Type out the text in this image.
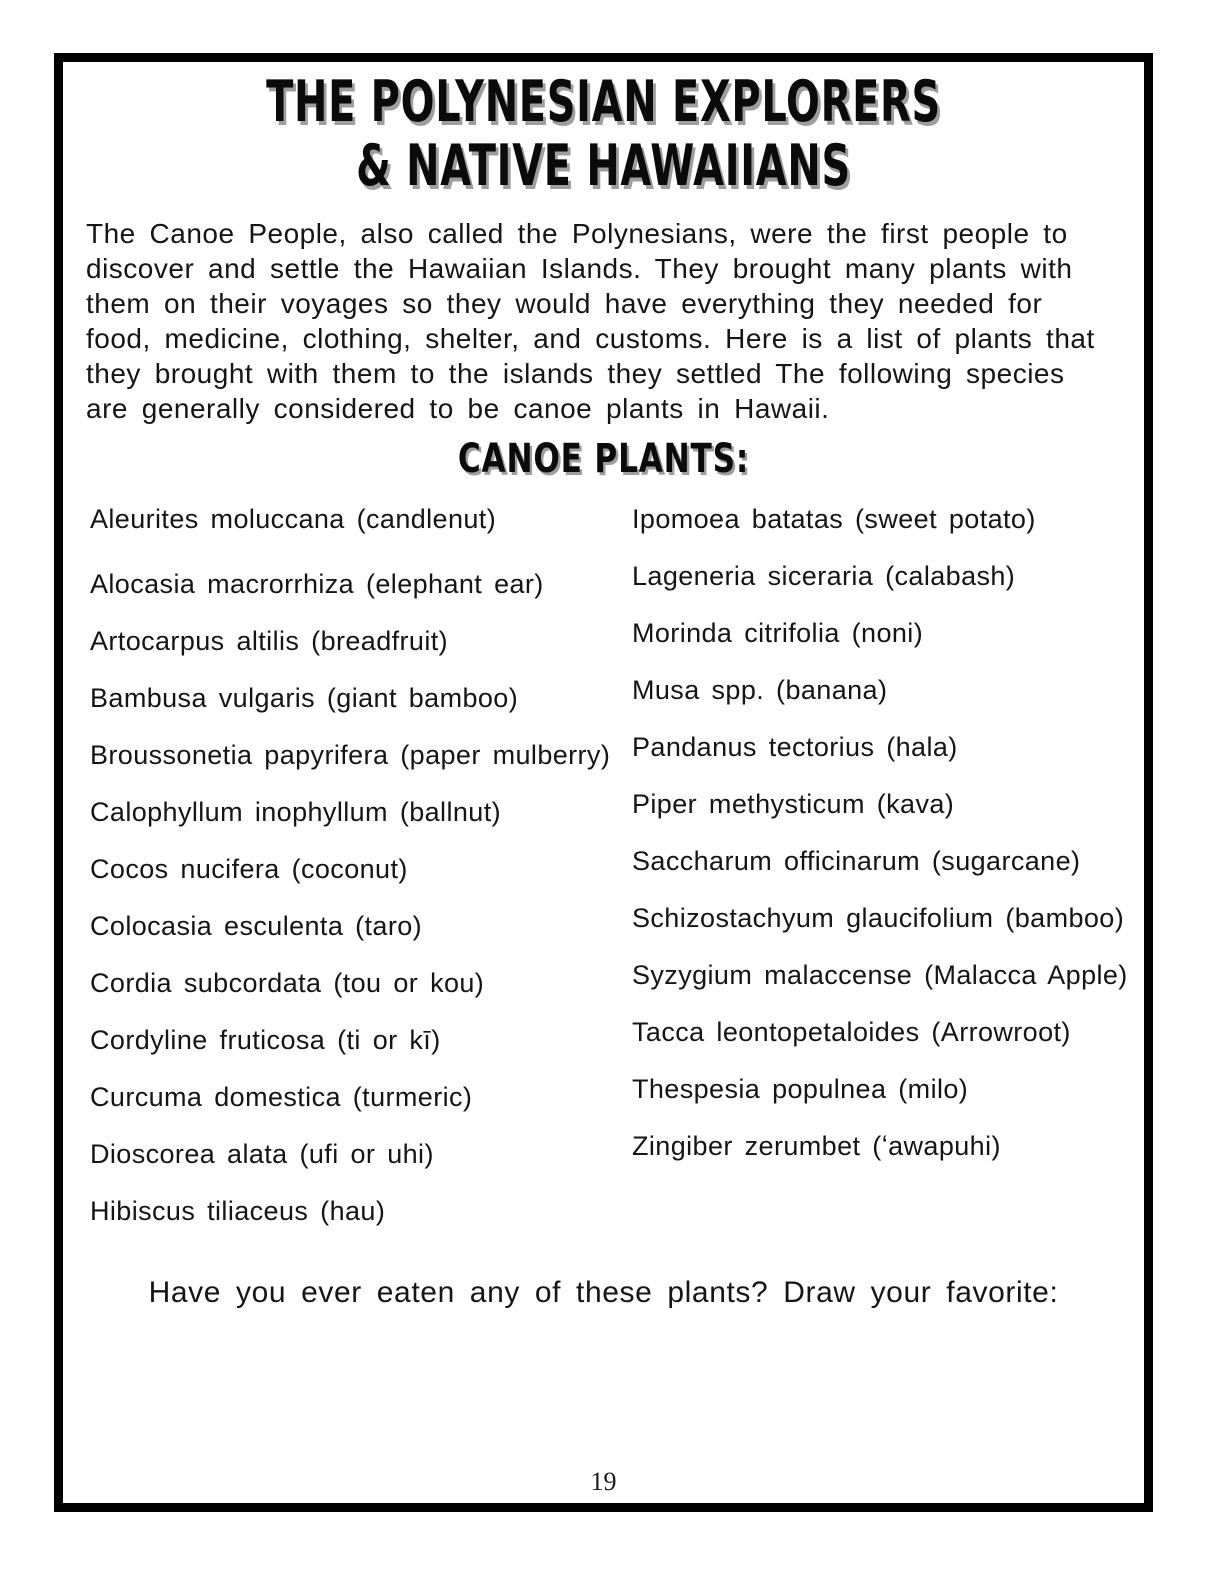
THE POLYNESIAN EXPLORERS
& NATIVE HAWAIIANS

The Canoe People, also called the Polynesians, were the first people to discover and settle the Hawaiian Islands. They brought many plants with them on their voyages so they would have everything they needed for food, medicine, clothing, shelter, and customs. Here is a list of plants that they brought with them to the islands they settled The following species are generally considered to be canoe plants in Hawaii.

CANOE PLANTS:
Aleurites moluccana (candlenut)
Alocasia macrorrhiza (elephant ear)
Artocarpus altilis (breadfruit)
Bambusa vulgaris (giant bamboo)
Broussonetia papyrifera (paper mulberry)
Calophyllum inophyllum (ballnut)
Cocos nucifera (coconut)
Colocasia esculenta (taro)
Cordia subcordata (tou or kou)
Cordyline fruticosa (ti or kī)
Curcuma domestica (turmeric)
Dioscorea alata (ufi or uhi)
Hibiscus tiliaceus (hau)
Ipomoea batatas (sweet potato)
Lageneria siceraria (calabash)
Morinda citrifolia (noni)
Musa spp. (banana)
Pandanus tectorius (hala)
Piper methysticum (kava)
Saccharum officinarum (sugarcane)
Schizostachyum glaucifolium (bamboo)
Syzygium malaccense (Malacca Apple)
Tacca leontopetaloides (Arrowroot)
Thespesia populnea (milo)
Zingiber zerumbet (ʻawapuhi)

Have you ever eaten any of these plants? Draw your favorite:

19
